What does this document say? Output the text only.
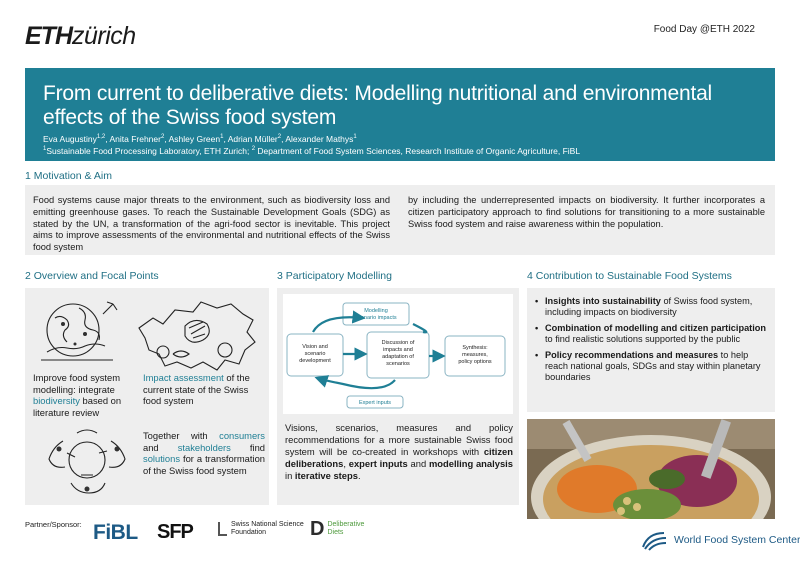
ETHzürich	Food Day @ETH 2022
From current to deliberative diets: Modelling nutritional and environmental effects of the Swiss food system
Eva Augustiny$^{1,2}$, Anita Frehner$^2$, Ashley Green$^1$, Adrian Müller$^2$, Alexander Mathys$^1$
$^1$Sustainable Food Processing Laboratory, ETH Zurich; $^2$ Department of Food System Sciences, Research Institute of Organic Agriculture, FiBL
1 Motivation & Aim
Food systems cause major threats to the environment, such as biodiversity loss and emitting greenhouse gases. To reach the Sustainable Development Goals (SDG) as stated by the UN, a transformation of the agri-food sector is inevitable. This project aims to improve assessments of the environmental and nutritional effects of the Swiss food system
by including the underrepresented impacts on biodiversity. It further incorporates a citizen participatory approach to find solutions for transitioning to a more sustainable Swiss food system and raise awareness within the population.
2 Overview and Focal Points
Improve food system modelling: integrate biodiversity based on literature review
Impact assessment of the current state of the Swiss food system
Together with consumers and stakeholders find solutions for a transformation of the Swiss food system
3 Participatory Modelling
Modelling scenario impacts
Vision and scenario development
Discussion of impacts and adaptation of scenarios
Synthesis: measures, policy options
Expert inputs
Visions, scenarios, measures and policy recommendations for a more sustainable Swiss food system will be co-created in workshops with citizen deliberations, expert inputs and modelling analysis in iterative steps.
4 Contribution to Sustainable Food Systems
• Insights into sustainability of Swiss food system, including impacts on biodiversity
• Combination of modelling and citizen participation to find realistic solutions supported by the public
• Policy recommendations and measures to help reach national goals, SDGs and stay within planetary boundaries
Partner/Sponsor: FiBL SFP	Swiss National Science Foundation	D Deliberative Diets
World Food System Center
